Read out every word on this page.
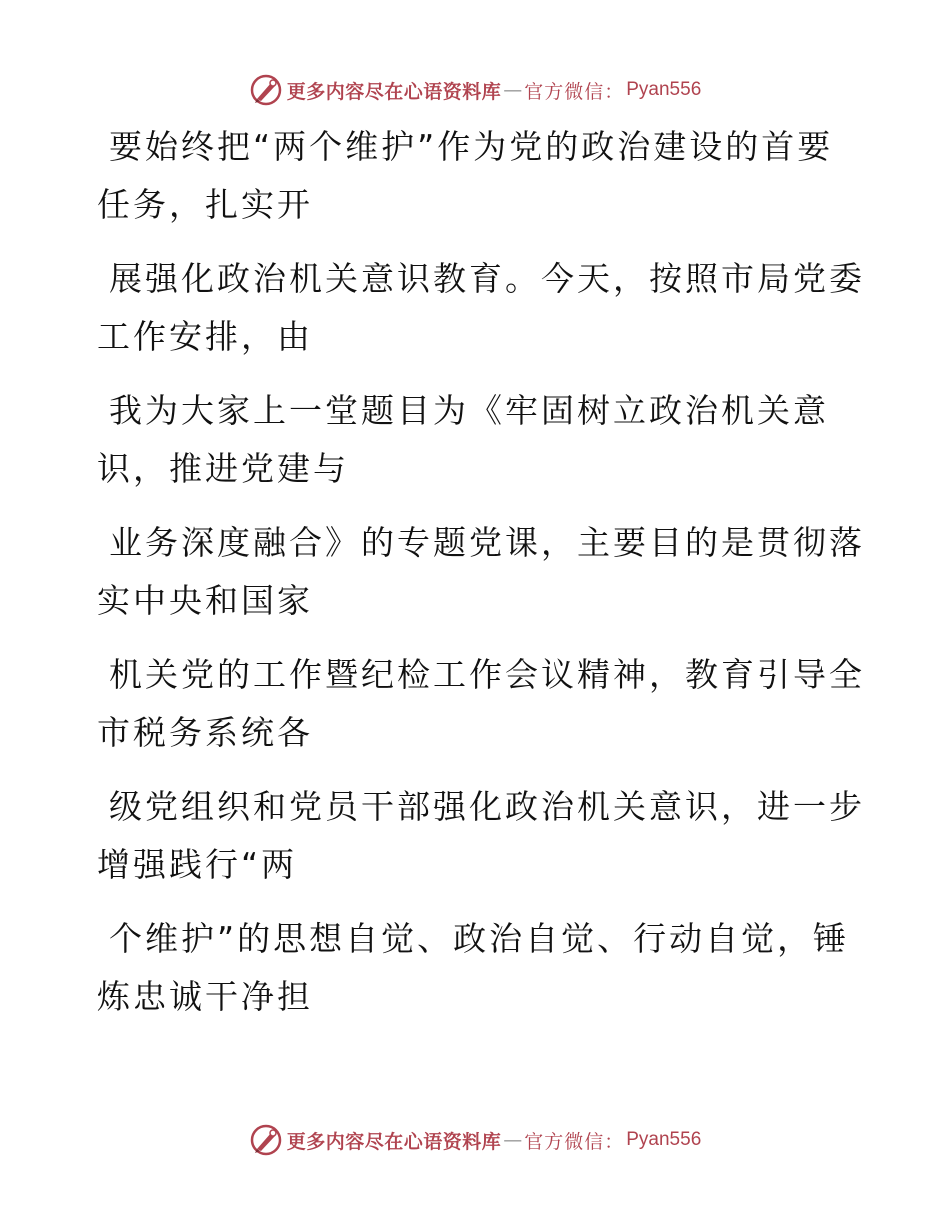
更多内容尽在心语资料库 — 官方微信： Pyan556
要始终把“两个维护”作为党的政治建设的首要
任务，扎实开
展强化政治机关意识教育。今天，按照市局党委
工作安排，由
我为大家上一堂题目为《牢固树立政治机关意
识，推进党建与
业务深度融合》的专题党课，主要目的是贯彻落
实中央和国家
机关党的工作暨纪检工作会议精神，教育引导全
市税务系统各
级党组织和党员干部强化政治机关意识，进一步
增强践行“两
个维护”的思想自觉、政治自觉、行动自觉，锤
炼忠诚干净担
更多内容尽在心语资料库 — 官方微信： Pyan556
